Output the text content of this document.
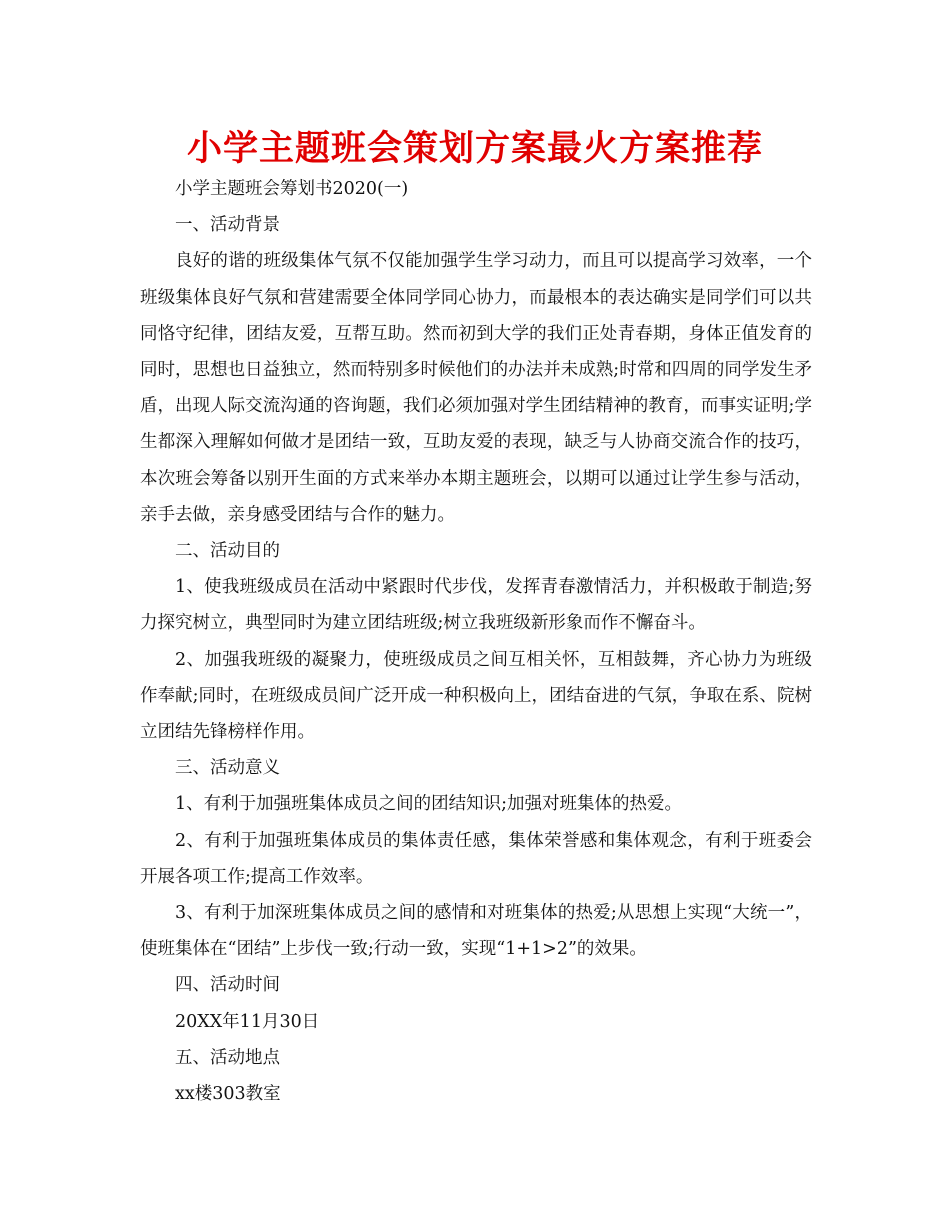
小学主题班会策划方案最火方案推荐

小学主题班会筹划书2020(一)

一、活动背景

良好的谐的班级集体气氛不仅能加强学生学习动力，而且可以提高学习效率，一个班级集体良好气氛和营建需要全体同学同心协力，而最根本的表达确实是同学们可以共同恪守纪律，团结友爱，互帮互助。然而初到大学的我们正处青春期，身体正值发育的同时，思想也日益独立，然而特别多时候他们的办法并未成熟;时常和四周的同学发生矛盾，出现人际交流沟通的咨询题，我们必须加强对学生团结精神的教育，而事实证明;学生都深入理解如何做才是团结一致，互助友爱的表现，缺乏与人协商交流合作的技巧，本次班会筹备以别开生面的方式来举办本期主题班会，以期可以通过让学生参与活动，亲手去做，亲身感受团结与合作的魅力。

二、活动目的

1、使我班级成员在活动中紧跟时代步伐，发挥青春激情活力，并积极敢于制造;努力探究树立，典型同时为建立团结班级;树立我班级新形象而作不懈奋斗。

2、加强我班级的凝聚力，使班级成员之间互相关怀，互相鼓舞，齐心协力为班级作奉献;同时，在班级成员间广泛开成一种积极向上，团结奋进的气氛，争取在系、院树立团结先锋榜样作用。

三、活动意义

1、有利于加强班集体成员之间的团结知识;加强对班集体的热爱。

2、有利于加强班集体成员的集体责任感，集体荣誉感和集体观念，有利于班委会开展各项工作;提高工作效率。

3、有利于加深班集体成员之间的感情和对班集体的热爱;从思想上实现“大统一”，使班集体在“团结”上步伐一致;行动一致，实现“1+1>2”的效果。

四、活动时间

20XX年11月30日

五、活动地点

xx楼303教室
